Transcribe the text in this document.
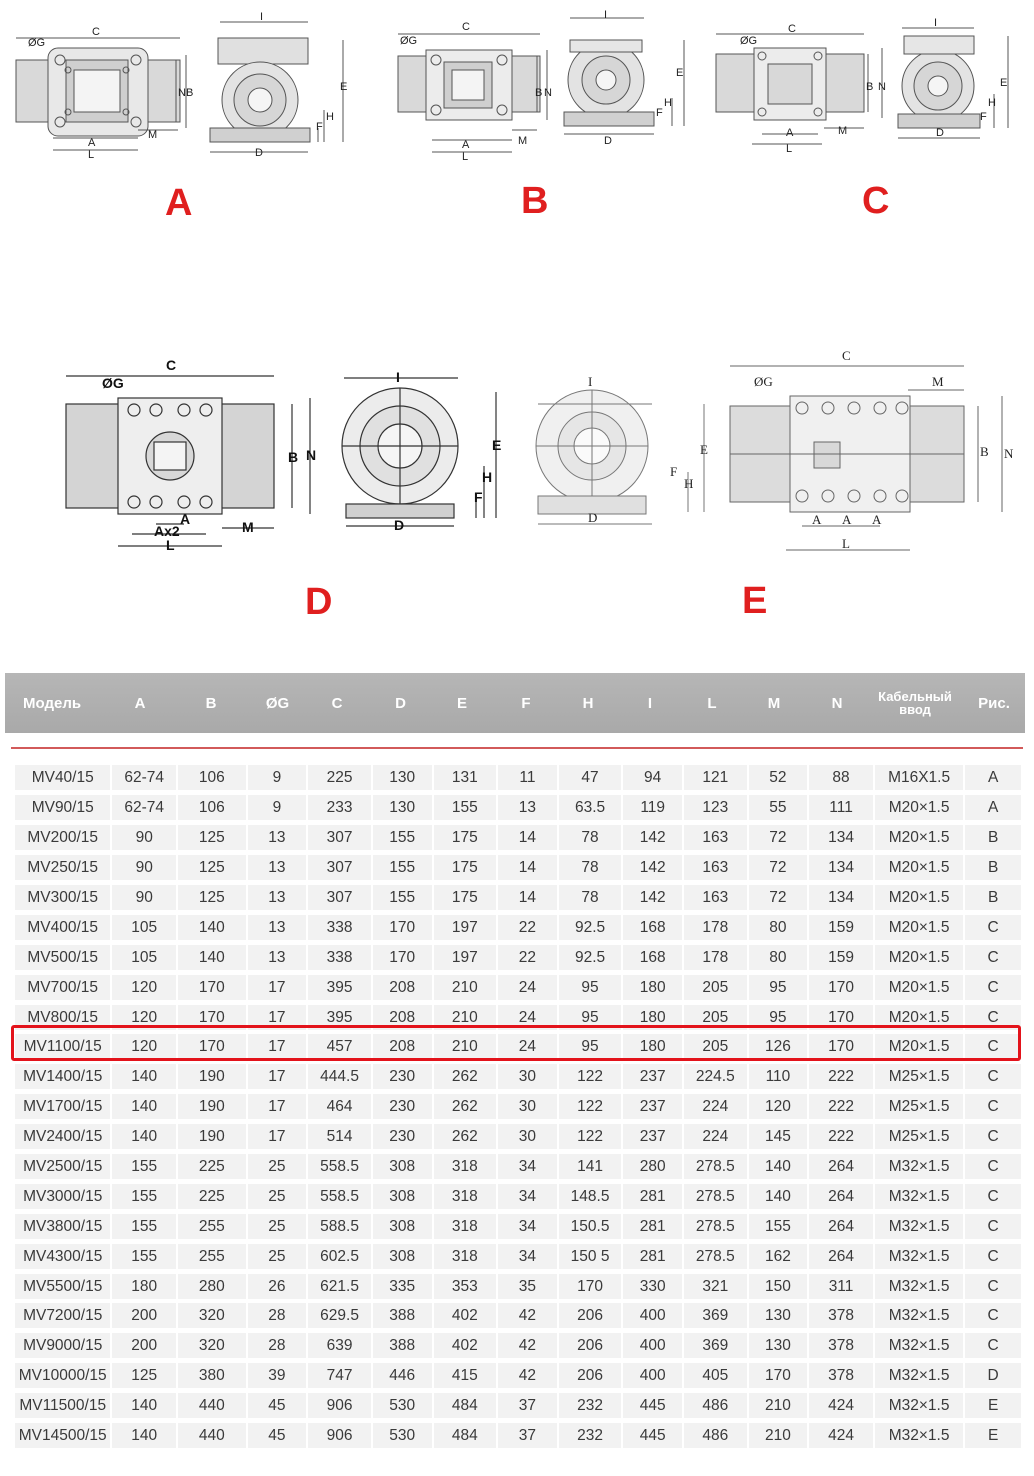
C
ØG
N B
A
L
M
I
E
H
F
D
A
C
ØG
B N
A
L
M
I
E
H
F
D
B
C
ØG
B N
A
L
M
I
E
H
F
D
C
C
ØG
B N
A
Ax2
L
M
I
E
H
F
D
I
E
H
F
D
D
C
ØG	M
B N
A A A
L
E
Модель	A	B	ØG	C	D	E	F	H	I	L	M	N	Кабельный ввод	Рис.
MV40/15	62-74	106	9	225	130	131	11	47	94	121	52	88	M16X1.5	A
MV90/15	62-74	106	9	233	130	155	13	63.5	119	123	55	111	M20×1.5	A
MV200/15	90	125	13	307	155	175	14	78	142	163	72	134	M20×1.5	B
MV250/15	90	125	13	307	155	175	14	78	142	163	72	134	M20×1.5	B
MV300/15	90	125	13	307	155	175	14	78	142	163	72	134	M20×1.5	B
MV400/15	105	140	13	338	170	197	22	92.5	168	178	80	159	M20×1.5	C
MV500/15	105	140	13	338	170	197	22	92.5	168	178	80	159	M20×1.5	C
MV700/15	120	170	17	395	208	210	24	95	180	205	95	170	M20×1.5	C
MV800/15	120	170	17	395	208	210	24	95	180	205	95	170	M20×1.5	C
MV1100/15	120	170	17	457	208	210	24	95	180	205	126	170	M20×1.5	C
MV1400/15	140	190	17	444.5	230	262	30	122	237	224.5	110	222	M25×1.5	C
MV1700/15	140	190	17	464	230	262	30	122	237	224	120	222	M25×1.5	C
MV2400/15	140	190	17	514	230	262	30	122	237	224	145	222	M25×1.5	C
MV2500/15	155	225	25	558.5	308	318	34	141	280	278.5	140	264	M32×1.5	C
MV3000/15	155	225	25	558.5	308	318	34	148.5	281	278.5	140	264	M32×1.5	C
MV3800/15	155	255	25	588.5	308	318	34	150.5	281	278.5	155	264	M32×1.5	C
MV4300/15	155	255	25	602.5	308	318	34	150 5	281	278.5	162	264	M32×1.5	C
MV5500/15	180	280	26	621.5	335	353	35	170	330	321	150	311	M32×1.5	C
MV7200/15	200	320	28	629.5	388	402	42	206	400	369	130	378	M32×1.5	C
MV9000/15	200	320	28	639	388	402	42	206	400	369	130	378	M32×1.5	C
MV10000/15	125	380	39	747	446	415	42	206	400	405	170	378	M32×1.5	D
MV11500/15	140	440	45	906	530	484	37	232	445	486	210	424	M32×1.5	E
MV14500/15	140	440	45	906	530	484	37	232	445	486	210	424	M32×1.5	E
